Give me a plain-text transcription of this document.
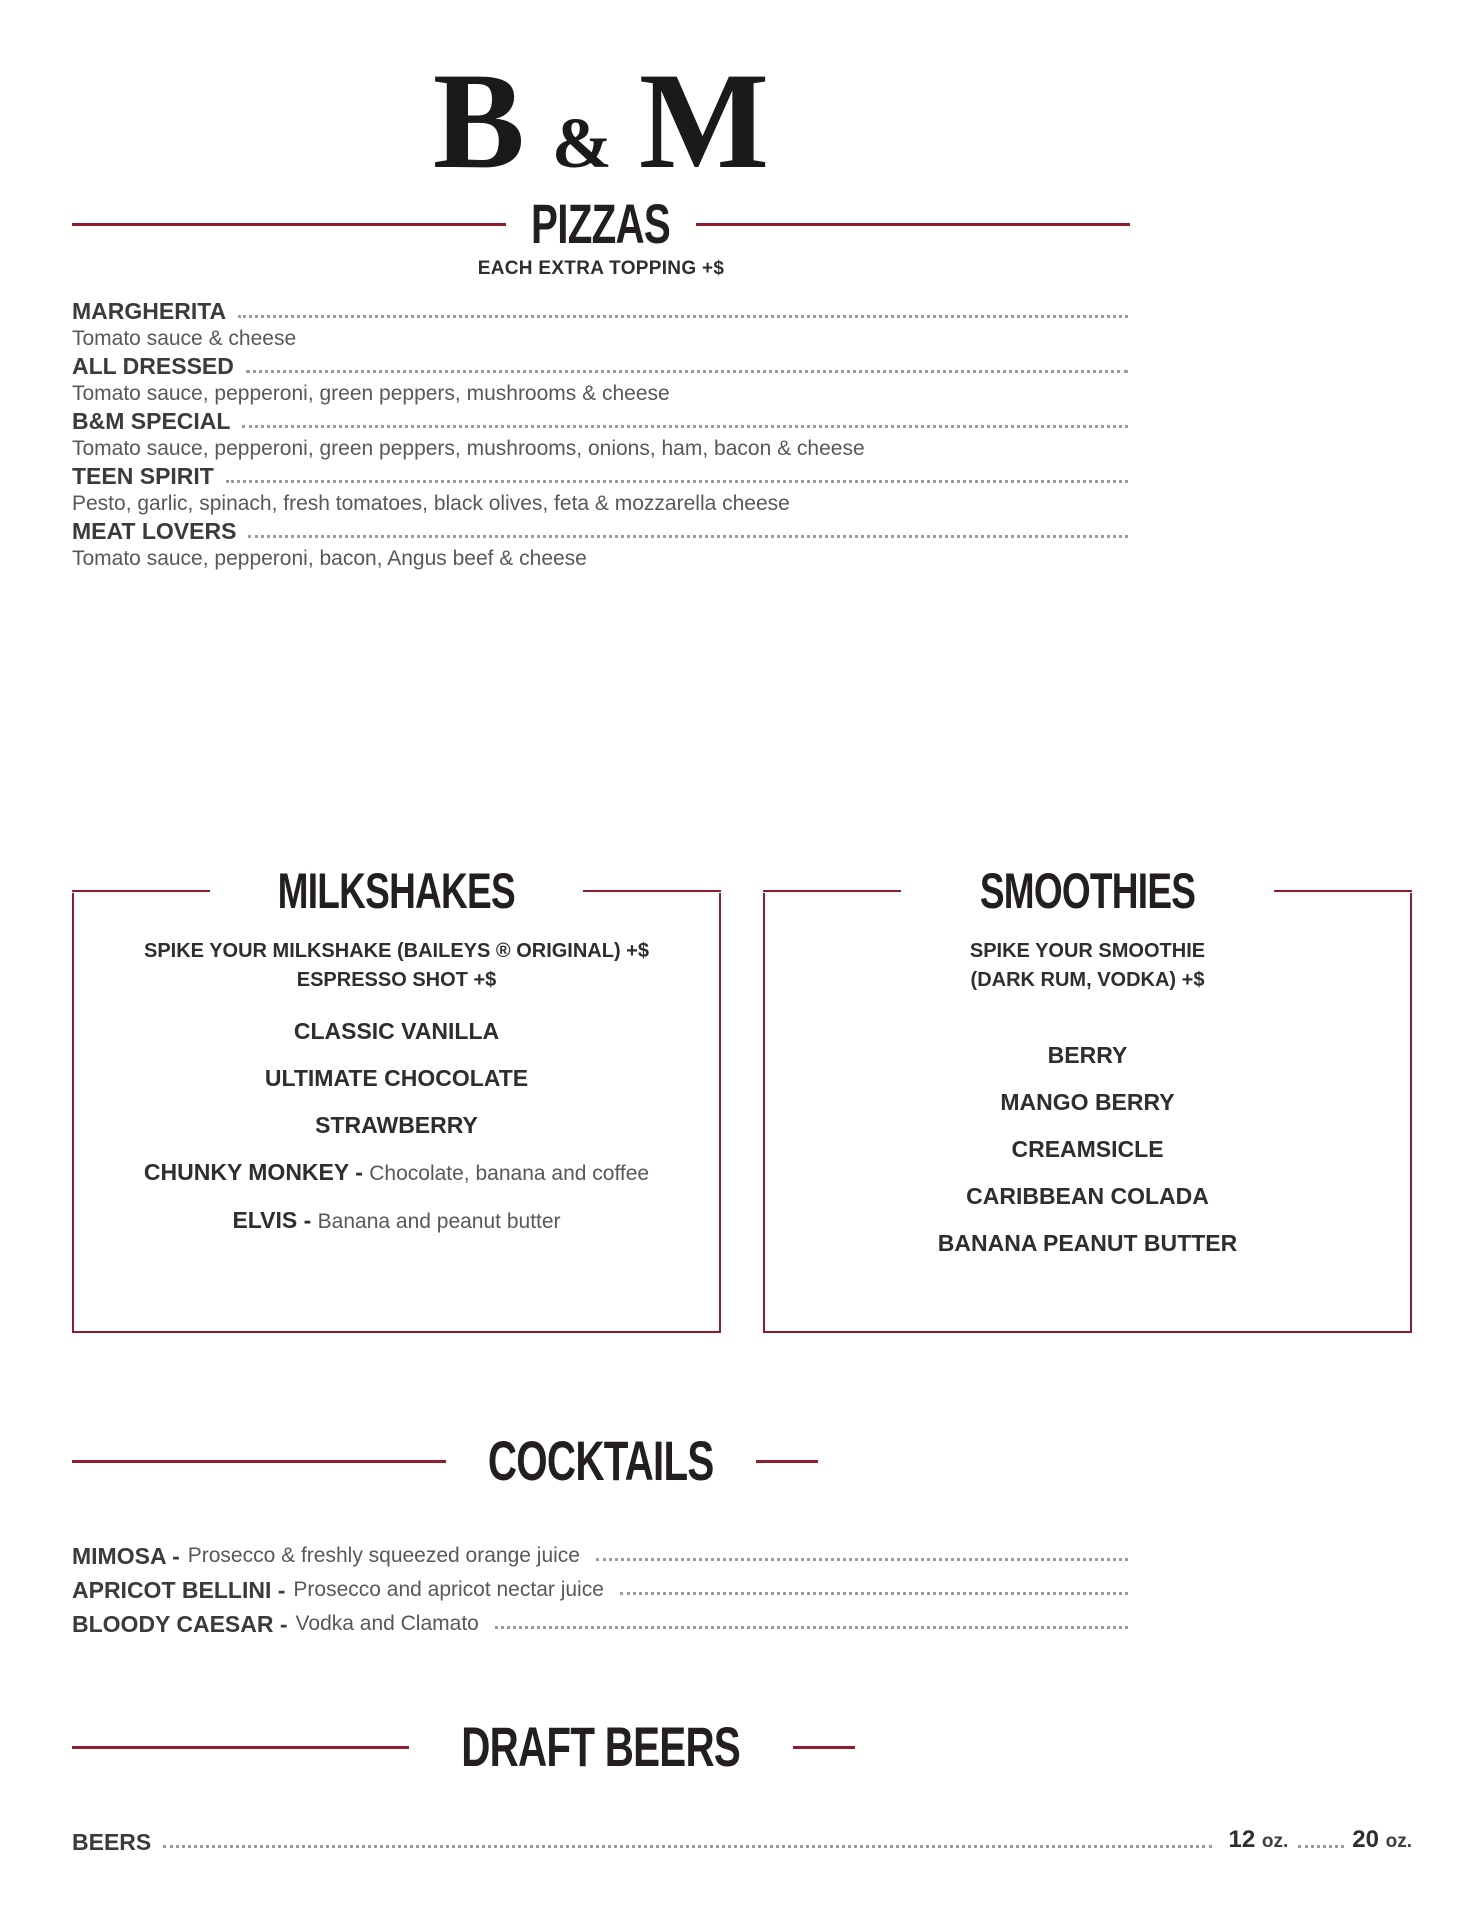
B & M
PIZZAS
EACH EXTRA TOPPING +$
MARGHERITA
Tomato sauce & cheese
ALL DRESSED
Tomato sauce, pepperoni, green peppers, mushrooms & cheese
B&M SPECIAL
Tomato sauce, pepperoni, green peppers, mushrooms, onions, ham, bacon & cheese
TEEN SPIRIT
Pesto, garlic, spinach, fresh tomatoes, black olives, feta & mozzarella cheese
MEAT LOVERS
Tomato sauce, pepperoni, bacon, Angus beef & cheese
MILKSHAKES
SPIKE YOUR MILKSHAKE (BAILEYS ® ORIGINAL) +$
ESPRESSO SHOT +$
CLASSIC VANILLA
ULTIMATE CHOCOLATE
STRAWBERRY
CHUNKY MONKEY - Chocolate, banana and coffee
ELVIS - Banana and peanut butter
SMOOTHIES
SPIKE YOUR SMOOTHIE
(DARK RUM, VODKA) +$
BERRY
MANGO BERRY
CREAMSICLE
CARIBBEAN COLADA
BANANA PEANUT BUTTER
COCKTAILS
MIMOSA - Prosecco & freshly squeezed orange juice
APRICOT BELLINI - Prosecco and apricot nectar juice
BLOODY CAESAR - Vodka and Clamato
DRAFT BEERS
BEERS	12 oz.	20 oz.
